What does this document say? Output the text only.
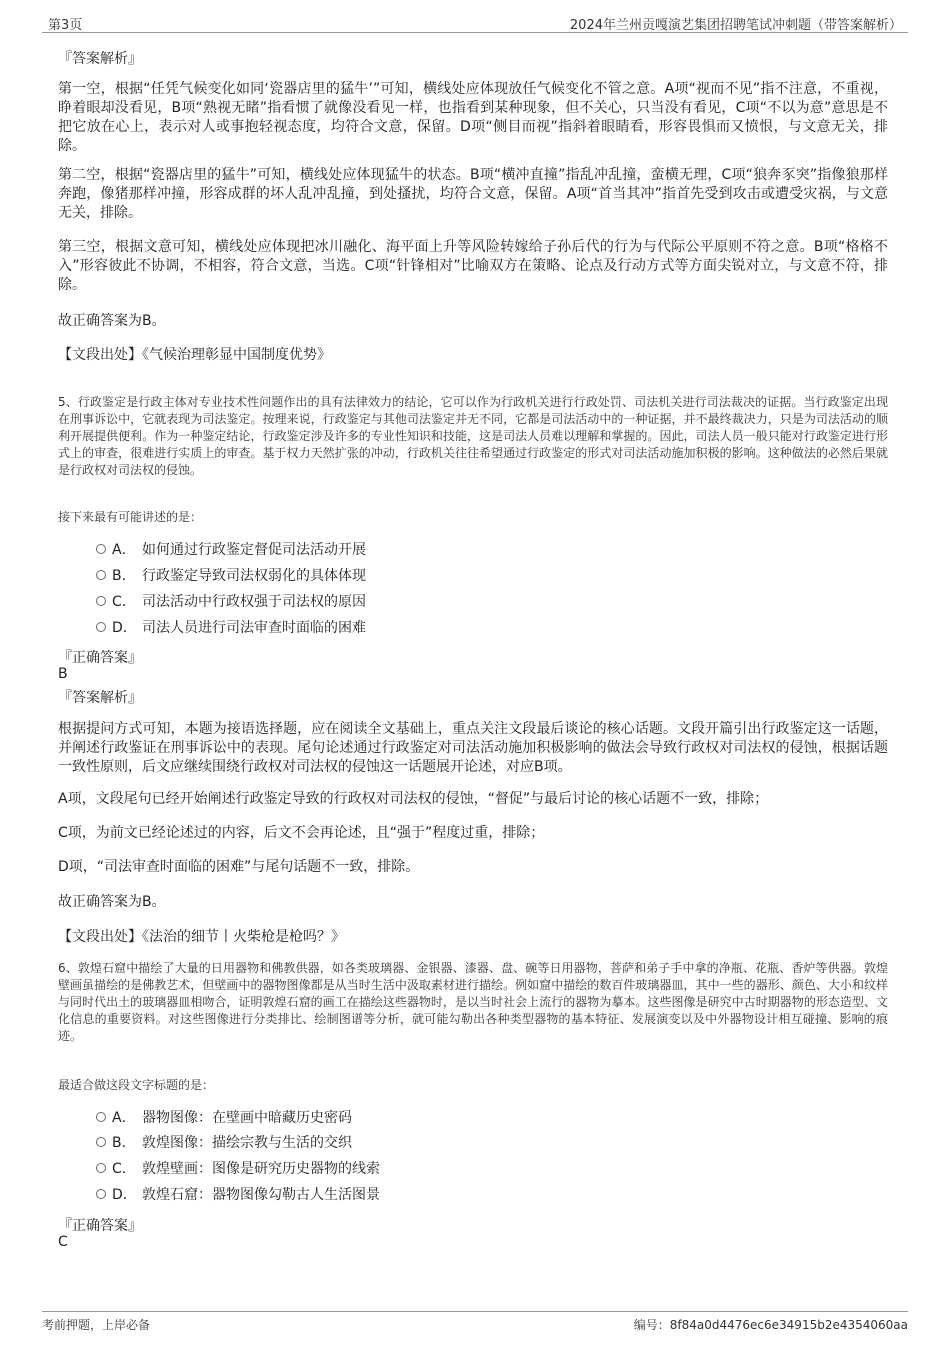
第3页	2024年兰州贡嘎演艺集团招聘笔试冲刺题（带答案解析）
『答案解析』
第一空，根据“任凭气候变化如同‘瓷器店里的猛牛’”可知，横线处应体现放任气候变化不管之意。A项“视而不见”指不注意，不重视，睁着眼却没看见，B项“熟视无睹”指看惯了就像没看见一样，也指看到某种现象，但不关心，只当没有看见，C项“不以为意”意思是不把它放在心上，表示对人或事抱轻视态度，均符合文意，保留。D项“侧目而视”指斜着眼睛看，形容畏惧而又愤恨，与文意无关，排除。
第二空，根据“瓷器店里的猛牛”可知，横线处应体现猛牛的状态。B项“横冲直撞”指乱冲乱撞，蛮横无理，C项“狼奔豕突”指像狼那样奔跑，像猪那样冲撞，形容成群的坏人乱冲乱撞，到处搔扰，均符合文意，保留。A项“首当其冲”指首先受到攻击或遭受灾祸，与文意无关，排除。
第三空，根据文意可知，横线处应体现把冰川融化、海平面上升等风险转嫁给子孙后代的行为与代际公平原则不符之意。B项“格格不入”形容彼此不协调，不相容，符合文意，当选。C项“针锋相对”比喻双方在策略、论点及行动方式等方面尖锐对立，与文意不符，排除。
故正确答案为B。
【文段出处】《气候治理彰显中国制度优势》
5、行政鉴定是行政主体对专业技术性问题作出的具有法律效力的结论，它可以作为行政机关进行行政处罚、司法机关进行司法裁决的证据。当行政鉴定出现在刑事诉讼中，它就表现为司法鉴定。按理来说，行政鉴定与其他司法鉴定并无不同，它都是司法活动中的一种证据，并不最终裁决力，只是为司法活动的顺利开展提供便利。作为一种鉴定结论，行政鉴定涉及许多的专业性知识和技能，这是司法人员难以理解和掌握的。因此，司法人员一般只能对行政鉴定进行形式上的审查，很难进行实质上的审查。基于权力天然扩张的冲动，行政机关往往希望通过行政鉴定的形式对司法活动施加积极的影响。这种做法的必然后果就是行政权对司法权的侵蚀。
接下来最有可能讲述的是：
A． 如何通过行政鉴定督促司法活动开展
B． 行政鉴定导致司法权弱化的具体体现
C． 司法活动中行政权强于司法权的原因
D． 司法人员进行司法审查时面临的困难
『正确答案』
B
『答案解析』
根据提问方式可知，本题为接语选择题，应在阅读全文基础上，重点关注文段最后谈论的核心话题。文段开篇引出行政鉴定这一话题，并阐述行政鉴证在刑事诉讼中的表现。尾句论述通过行政鉴定对司法活动施加积极影响的做法会导致行政权对司法权的侵蚀，根据话题一致性原则，后文应继续围绕行政权对司法权的侵蚀这一话题展开论述，对应B项。
A项，文段尾句已经开始阐述行政鉴定导致的行政权对司法权的侵蚀，“督促”与最后讨论的核心话题不一致，排除；
C项，为前文已经论述过的内容，后文不会再论述，且“强于”程度过重，排除；
D项，“司法审查时面临的困难”与尾句话题不一致，排除。
故正确答案为B。
【文段出处】《法治的细节丨火柴枪是枪吗？》
6、敦煌石窟中描绘了大量的日用器物和佛教供器，如各类玻璃器、金银器、漆器、盘、碗等日用器物，菩萨和弟子手中拿的净瓶、花瓶、香炉等供器。敦煌壁画虽描绘的是佛教艺术，但壁画中的器物图像都是从当时生活中汲取素材进行描绘。例如窟中描绘的数百件玻璃器皿，其中一些的器形、颜色、大小和纹样与同时代出土的玻璃器皿相吻合，证明敦煌石窟的画工在描绘这些器物时，是以当时社会上流行的器物为摹本。这些图像是研究中古时期器物的形态造型、文化信息的重要资料。对这些图像进行分类排比、绘制图谱等分析，就可能勾勒出各种类型器物的基本特征、发展演变以及中外器物设计相互碰撞、影响的痕迹。
最适合做这段文字标题的是：
A． 器物图像：在壁画中暗藏历史密码
B． 敦煌图像：描绘宗教与生活的交织
C． 敦煌壁画：图像是研究历史器物的线索
D． 敦煌石窟：器物图像勾勒古人生活图景
『正确答案』
C
考前押题，上岸必备	编号：8f84a0d4476ec6e34915b2e4354060aa
